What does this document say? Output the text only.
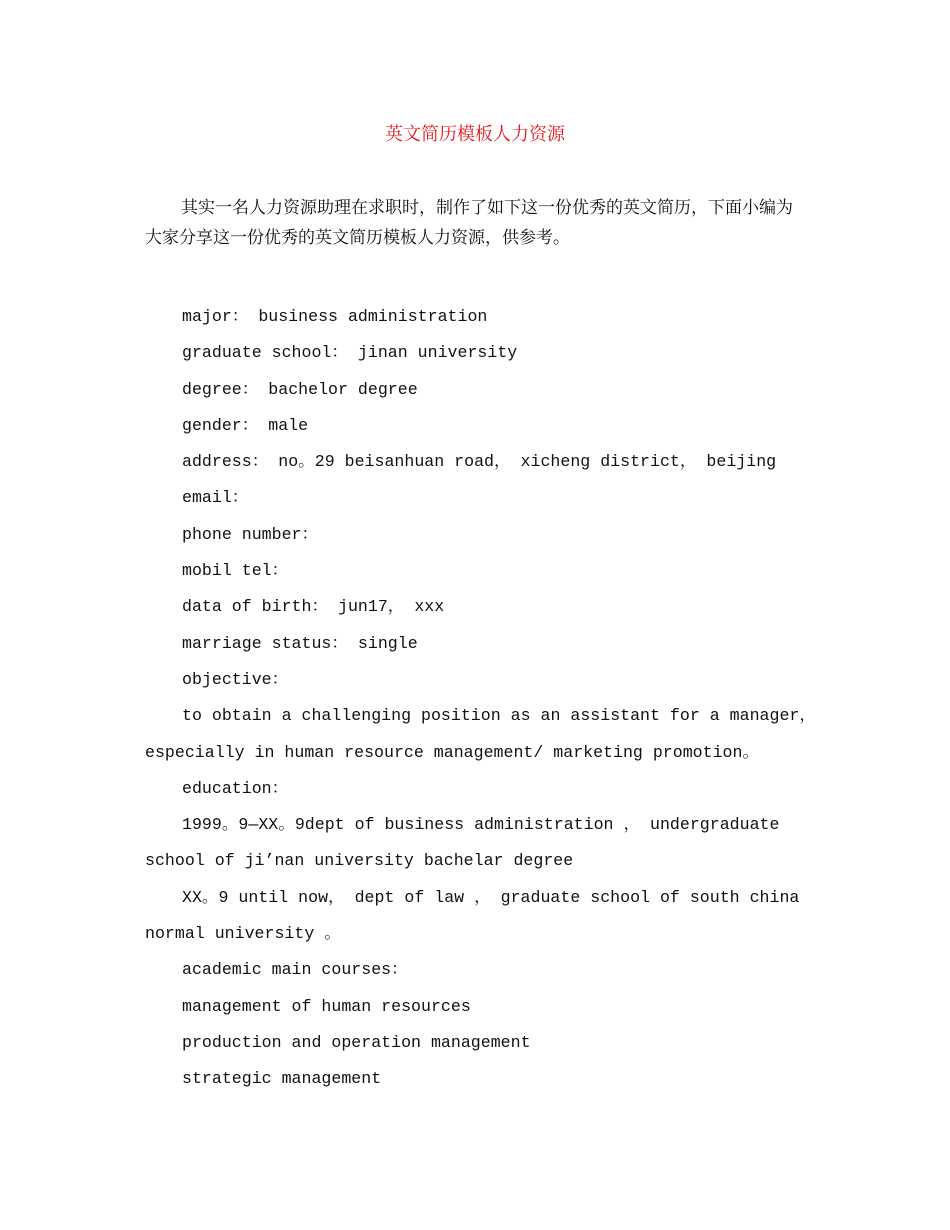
英文简历模板人力资源
其实一名人力资源助理在求职时，制作了如下这一份优秀的英文简历，下面小编为大家分享这一份优秀的英文简历模板人力资源，供参考。
major： business administration
graduate school： jinan university
degree： bachelor degree
gender： male
address： no。29 beisanhuan road， xicheng district， beijing
email：
phone number：
mobil tel：
data of birth： jun17， xxx
marriage status： single
objective：
to obtain a challenging position as an assistant for a manager，
especially in human resource management/ marketing promotion。
education：
1999。9—XX。9dept of business administration ， undergraduate
school of ji’nan university bachelar degree
XX。9 until now， dept of law ， graduate school of south china
normal university 。
academic main courses：
management of human resources
production and operation management
strategic management
